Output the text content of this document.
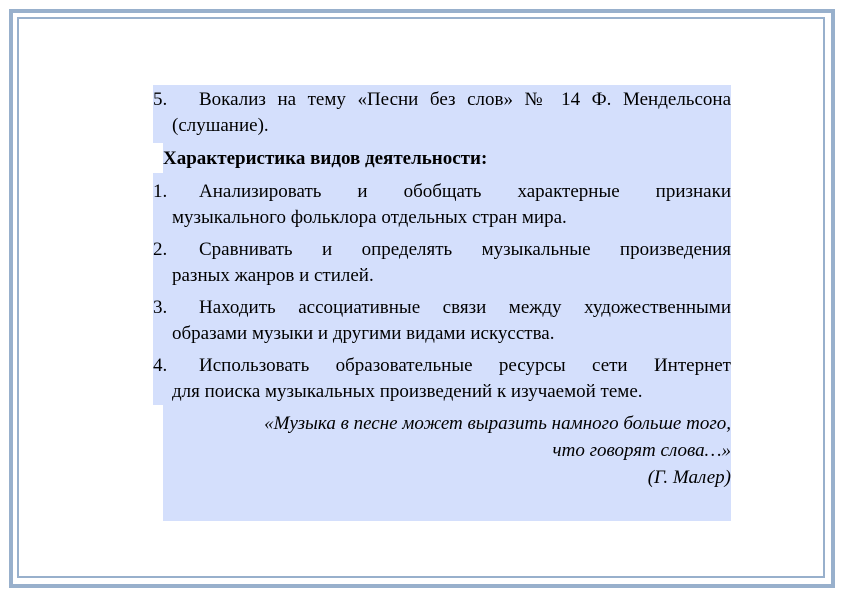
5. Вокализ на тему «Песни без слов» № 14 Ф. Мендельсона
(слушание).
Характеристика видов деятельности:
1. Анализировать и обобщать характерные признаки
музыкального фольклора отдельных стран мира.
2. Сравнивать и определять музыкальные произведения
разных жанров и стилей.
3. Находить ассоциативные связи между художественными
образами музыки и другими видами искусства.
4. Использовать образовательные ресурсы сети Интернет
для поиска музыкальных произведений к изучаемой теме.
«Музыка в песне может выразить намного больше того,
что говорят слова…»
(Г. Малер)
